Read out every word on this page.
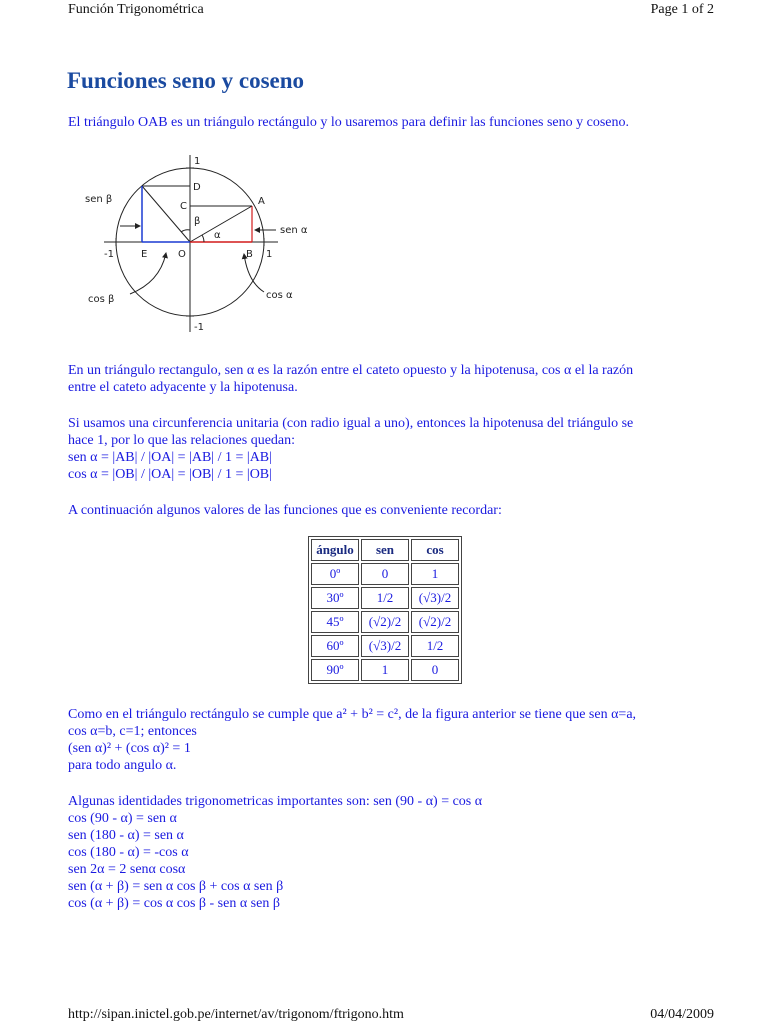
Función Trigonométrica	Page 1 of 2
Funciones seno y coseno

El triángulo OAB es un triángulo rectángulo y lo usaremos para definir las funciones seno y coseno.

1
-1
-1	1
A
B
C
D
E	O
β
α
sen β
sen α
cos β	cos α
En un triángulo rectangulo, sen α es la razón entre el cateto opuesto y la hipotenusa, cos α el la razón
entre el cateto adyacente y la hipotenusa.
Si usamos una circunferencia unitaria (con radio igual a uno), entonces la hipotenusa del triángulo se
hace 1, por lo que las relaciones quedan:
sen α = |AB| / |OA| = |AB| / 1 = |AB|
cos α = |OB| / |OA| = |OB| / 1 = |OB|

A continuación algunos valores de las funciones que es conveniente recordar:

ángulo	sen	cos
0º	0	1
30º	1/2	(√3)/2
45º	(√2)/2	(√2)/2
60º	(√3)/2	1/2
90º	1	0
Como en el triángulo rectángulo se cumple que a² + b² = c², de la figura anterior se tiene que sen α=a,
cos α=b, c=1; entonces
(sen α)² + (cos α)² = 1
para todo angulo α.
Algunas identidades trigonometricas importantes son: sen (90 - α) = cos α
cos (90 - α) = sen α
sen (180 - α) = sen α
cos (180 - α) = -cos α
sen 2α = 2 senα cosα
sen (α + β) = sen α cos β + cos α sen β
cos (α + β) = cos α cos β - sen α sen β
http://sipan.inictel.gob.pe/internet/av/trigonom/ftrigono.htm	04/04/2009
